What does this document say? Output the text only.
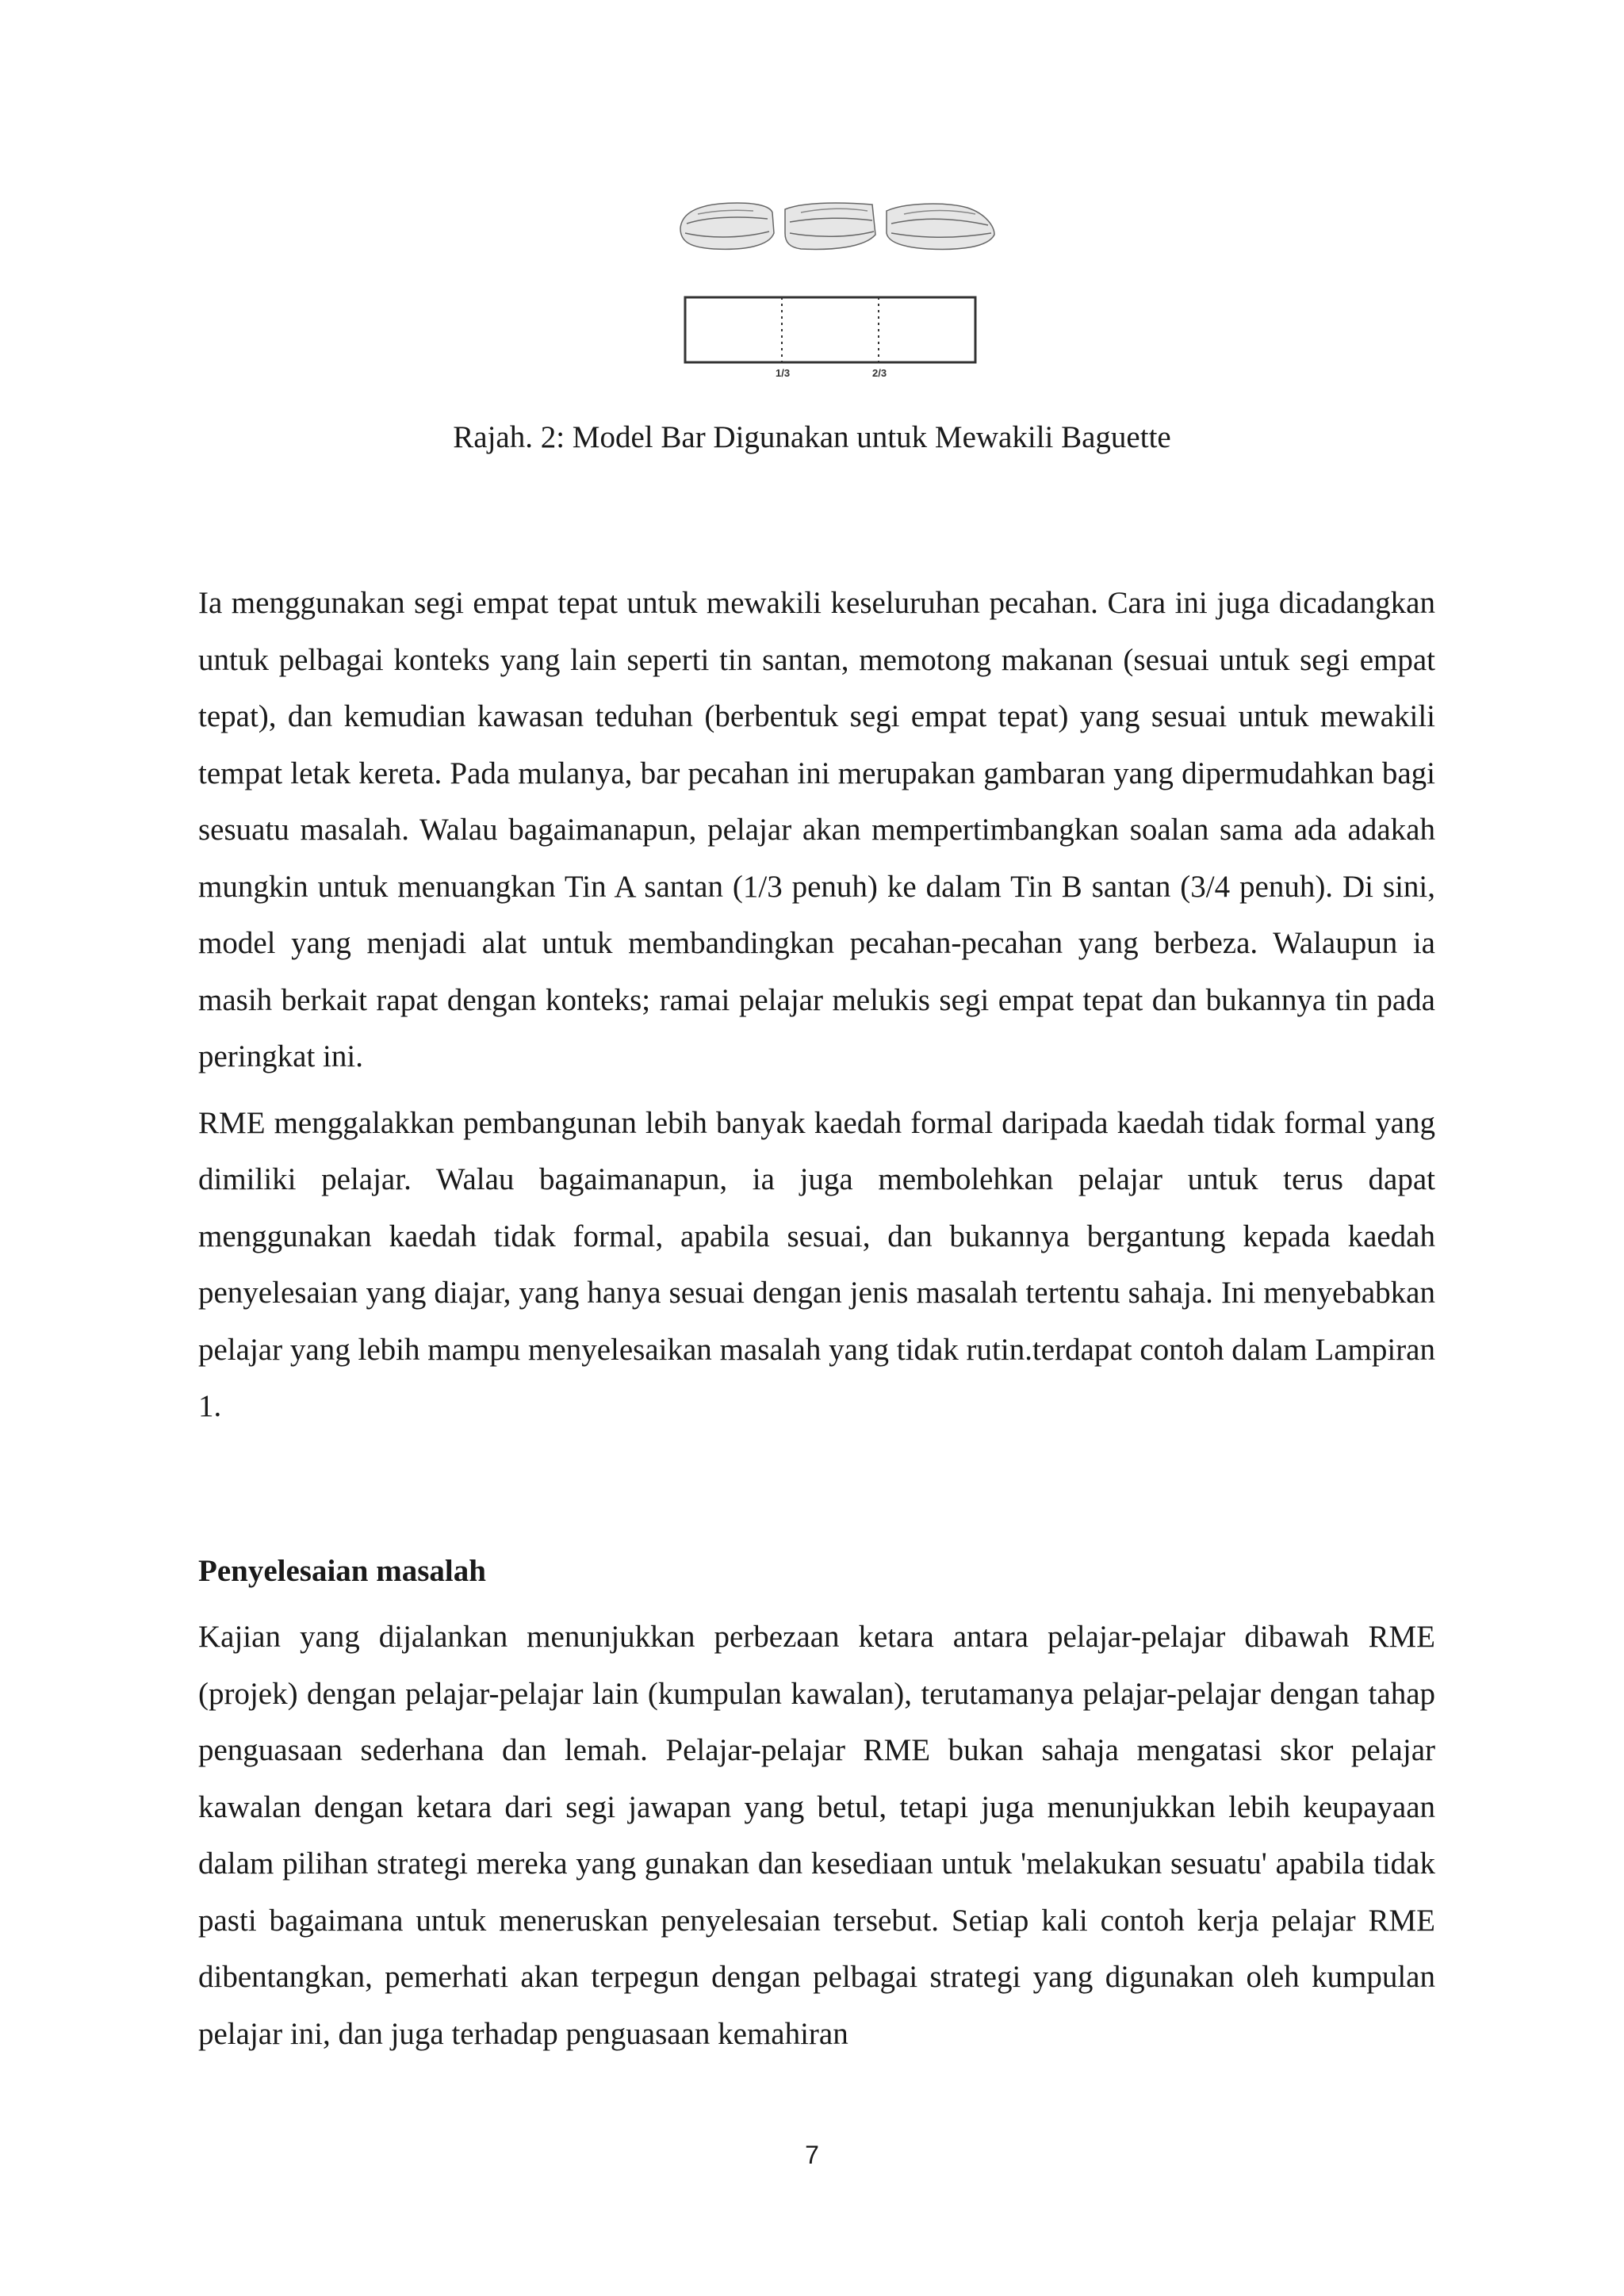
1/3	2/3

Rajah. 2: Model Bar Digunakan untuk Mewakili Baguette

Ia menggunakan segi empat tepat untuk mewakili keseluruhan pecahan. Cara ini juga dicadangkan untuk pelbagai konteks yang lain seperti tin santan, memotong makanan (sesuai untuk segi empat tepat), dan kemudian kawasan teduhan (berbentuk segi empat tepat) yang sesuai untuk mewakili tempat letak kereta. Pada mulanya, bar pecahan ini merupakan gambaran yang dipermudahkan bagi sesuatu masalah. Walau bagaimanapun, pelajar akan mempertimbangkan soalan sama ada adakah mungkin untuk menuangkan Tin A santan (1/3 penuh) ke dalam Tin B santan (3/4 penuh). Di sini, model yang menjadi alat untuk membandingkan pecahan-pecahan yang berbeza. Walaupun ia masih berkait rapat dengan konteks; ramai pelajar melukis segi empat tepat dan bukannya tin pada peringkat ini.

RME menggalakkan pembangunan lebih banyak kaedah formal daripada kaedah tidak formal yang dimiliki pelajar. Walau bagaimanapun, ia juga membolehkan pelajar untuk terus dapat menggunakan kaedah tidak formal, apabila sesuai, dan bukannya bergantung kepada kaedah penyelesaian yang diajar, yang hanya sesuai dengan jenis masalah tertentu sahaja. Ini menyebabkan pelajar yang lebih mampu menyelesaikan masalah yang tidak rutin.terdapat contoh dalam Lampiran 1.

Penyelesaian masalah

Kajian yang dijalankan menunjukkan perbezaan ketara antara pelajar-pelajar dibawah RME (projek) dengan pelajar-pelajar lain (kumpulan kawalan), terutamanya pelajar-pelajar dengan tahap penguasaan sederhana dan lemah. Pelajar-pelajar RME bukan sahaja mengatasi skor pelajar kawalan dengan ketara dari segi jawapan yang betul, tetapi juga menunjukkan lebih keupayaan dalam pilihan strategi mereka yang gunakan dan kesediaan untuk 'melakukan sesuatu' apabila tidak pasti bagaimana untuk meneruskan penyelesaian tersebut. Setiap kali contoh kerja pelajar RME dibentangkan, pemerhati akan terpegun dengan pelbagai strategi yang digunakan oleh kumpulan pelajar ini, dan juga terhadap penguasaan kemahiran

7
